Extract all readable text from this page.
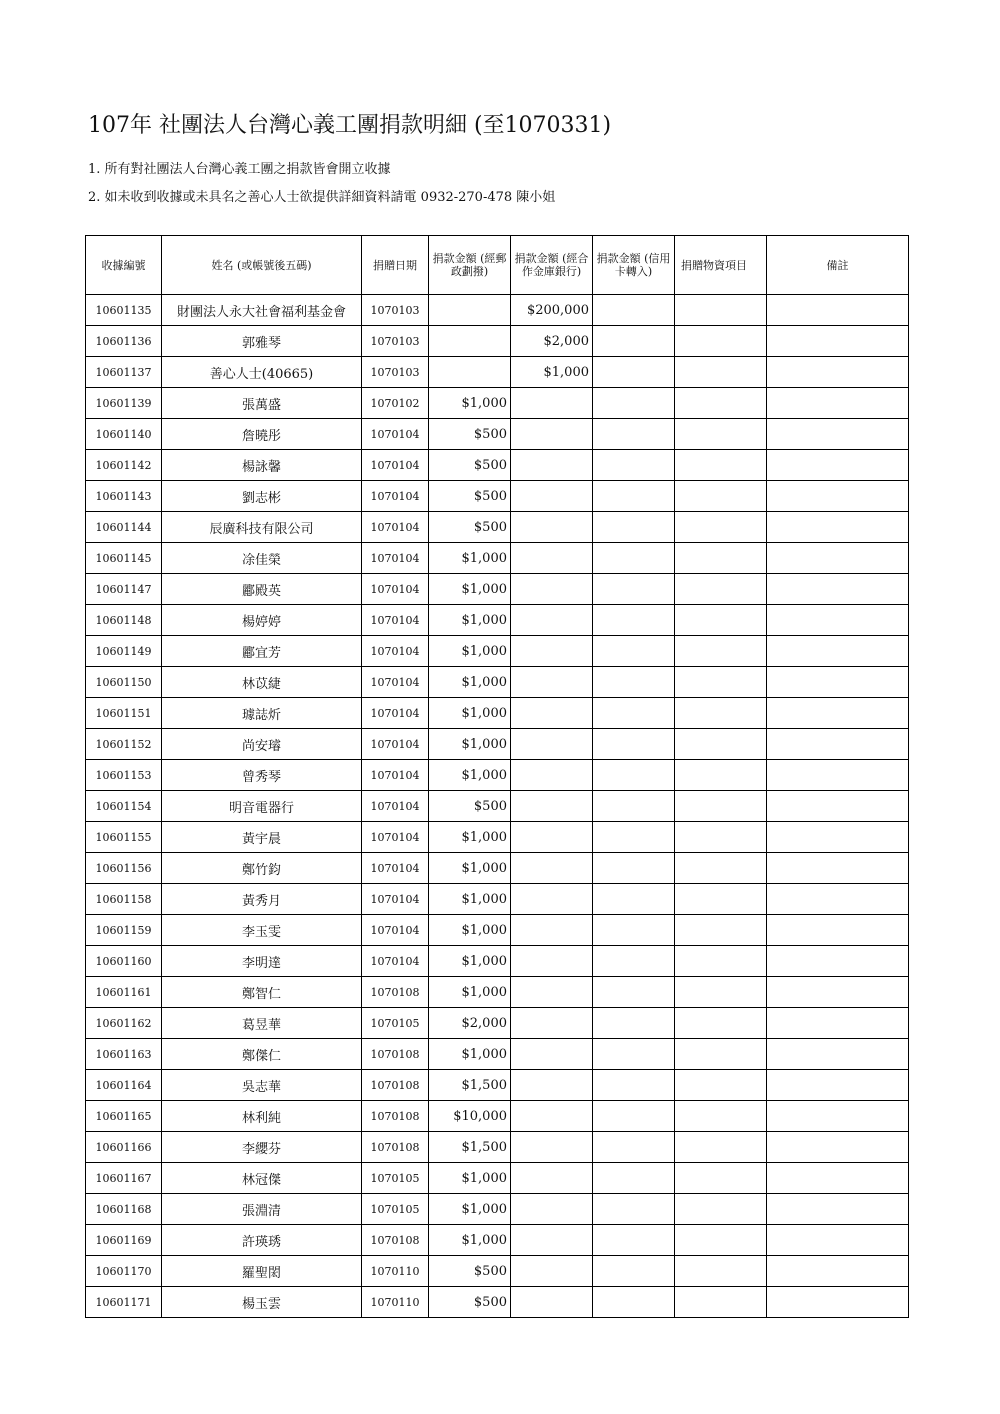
107年 社團法人台灣心義工團捐款明細 (至1070331)
1. 所有對社團法人台灣心義工團之捐款皆會開立收據
2. 如未收到收據或未具名之善心人士欲提供詳細資料請電 0932-270-478 陳小姐
收據編號	姓名 (或帳號後五碼)	捐贈日期	捐款金額 (經郵政劃撥)	捐款金額 (經合作金庫銀行)	捐款金額 (信用卡轉入)	捐贈物資項目	備註
10601135	財團法人永大社會福利基金會	1070103		$200,000			
10601136	郭雅琴	1070103		$2,000			
10601137	善心人士(40665)	1070103		$1,000			
10601139	張萬盛	1070102	$1,000				
10601140	詹曉彤	1070104	$500				
10601142	楊詠馨	1070104	$500				
10601143	劉志彬	1070104	$500				
10601144	辰廣科技有限公司	1070104	$500				
10601145	凃佳榮	1070104	$1,000				
10601147	酈殿英	1070104	$1,000				
10601148	楊婷婷	1070104	$1,000				
10601149	酈宜芳	1070104	$1,000				
10601150	林苡緁	1070104	$1,000				
10601151	璩誌炘	1070104	$1,000				
10601152	尚安璿	1070104	$1,000				
10601153	曾秀琴	1070104	$1,000				
10601154	明音電器行	1070104	$500				
10601155	黃宇晨	1070104	$1,000				
10601156	鄭竹鈞	1070104	$1,000				
10601158	黃秀月	1070104	$1,000				
10601159	李玉雯	1070104	$1,000				
10601160	李明達	1070104	$1,000				
10601161	鄭智仁	1070108	$1,000				
10601162	葛昱華	1070105	$2,000				
10601163	鄭傑仁	1070108	$1,000				
10601164	吳志華	1070108	$1,500				
10601165	林利純	1070108	$10,000				
10601166	李纓芬	1070108	$1,500				
10601167	林冠傑	1070105	$1,000				
10601168	張淵清	1070105	$1,000				
10601169	許瑛琇	1070108	$1,000				
10601170	羅聖閎	1070110	$500				
10601171	楊玉雲	1070110	$500				
